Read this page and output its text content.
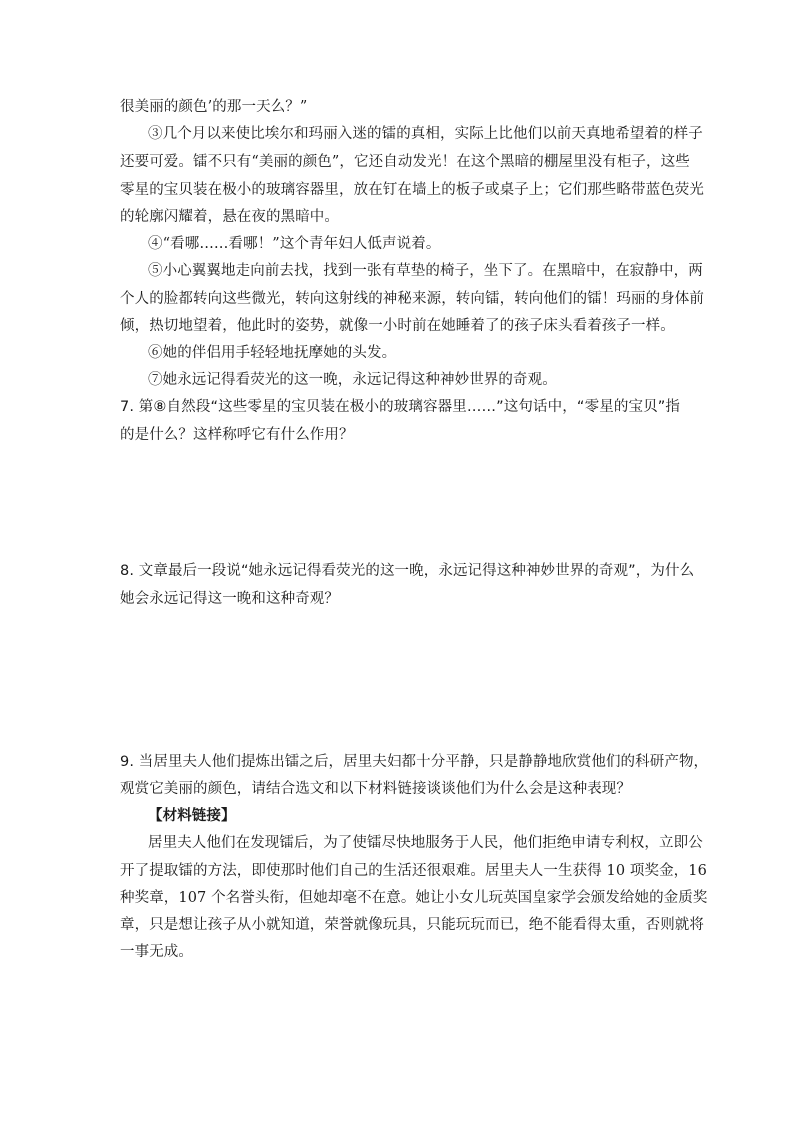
很美丽的颜色’的那一天么？”
③几个月以来使比埃尔和玛丽入迷的镭的真相，实际上比他们以前天真地希望着的样子
还要可爱。镭不只有“美丽的颜色”，它还自动发光！在这个黑暗的棚屋里没有柜子，这些
零星的宝贝装在极小的玻璃容器里，放在钉在墙上的板子或桌子上；它们那些略带蓝色荧光
的轮廓闪耀着，悬在夜的黑暗中。
④“看哪……看哪！”这个青年妇人低声说着。
⑤小心翼翼地走向前去找，找到一张有草垫的椅子，坐下了。在黑暗中，在寂静中，两
个人的脸都转向这些微光，转向这射线的神秘来源，转向镭，转向他们的镭！玛丽的身体前
倾，热切地望着，他此时的姿势，就像一小时前在她睡着了的孩子床头看着孩子一样。
⑥她的伴侣用手轻轻地抚摩她的头发。
⑦她永远记得看荧光的这一晚，永远记得这种神妙世界的奇观。
7. 第⑧自然段“这些零星的宝贝装在极小的玻璃容器里……”这句话中，“零星的宝贝”指
的是什么？这样称呼它有什么作用？
8. 文章最后一段说“她永远记得看荧光的这一晚，永远记得这种神妙世界的奇观”，为什么
她会永远记得这一晚和这种奇观？
9. 当居里夫人他们提炼出镭之后，居里夫妇都十分平静，只是静静地欣赏他们的科研产物，
观赏它美丽的颜色，请结合选文和以下材料链接谈谈他们为什么会是这种表现？
【材料链接】
居里夫人他们在发现镭后，为了使镭尽快地服务于人民，他们拒绝申请专利权，立即公
开了提取镭的方法，即使那时他们自己的生活还很艰难。居里夫人一生获得 10 项奖金，16
种奖章，107 个名誉头衔，但她却毫不在意。她让小女儿玩英国皇家学会颁发给她的金质奖
章，只是想让孩子从小就知道，荣誉就像玩具，只能玩玩而已，绝不能看得太重，否则就将
一事无成。
